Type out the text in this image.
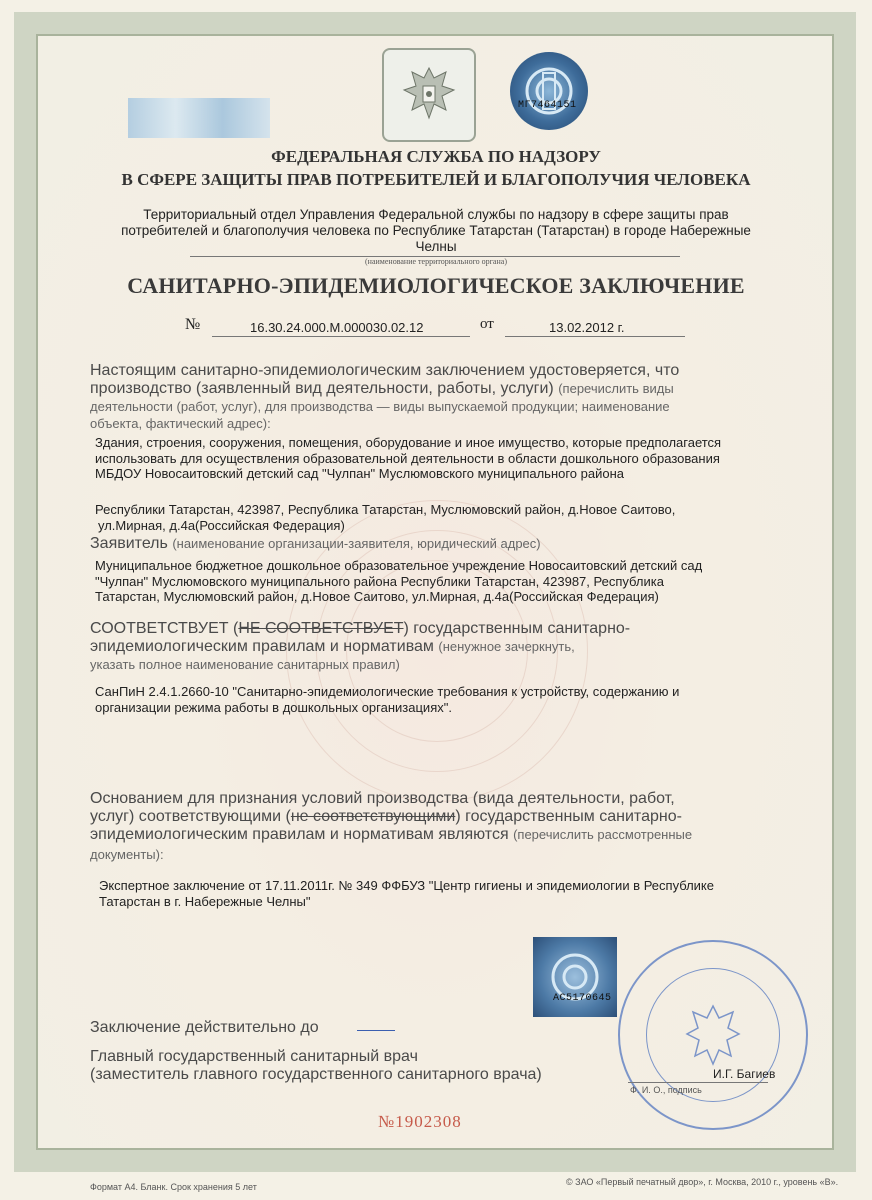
МГ7464151
ФЕДЕРАЛЬНАЯ СЛУЖБА ПО НАДЗОРУ
В СФЕРЕ ЗАЩИТЫ ПРАВ ПОТРЕБИТЕЛЕЙ И БЛАГОПОЛУЧИЯ ЧЕЛОВЕКА
Территориальный отдел Управления Федеральной службы по надзору в сфере защиты прав
потребителей и благополучия человека по Республике Татарстан (Татарстан) в городе Набережные
Челны
(наименование территориального органа)
САНИТАРНО-ЭПИДЕМИОЛОГИЧЕСКОЕ ЗАКЛЮЧЕНИЕ
№	16.30.24.000.М.000030.02.12	от	13.02.2012 г.
Настоящим санитарно-эпидемиологическим заключением удостоверяется, что
производство (заявленный вид деятельности, работы, услуги) (перечислить виды
деятельности (работ, услуг), для производства — виды выпускаемой продукции; наименование
объекта, фактический адрес):
Здания, строения, сооружения, помещения, оборудование и иное имущество, которые предполагается
использовать для осуществления образовательной деятельности в области дошкольного образования
МБДОУ Новосаитовский детский сад "Чулпан" Муслюмовского муниципального района
Республики Татарстан, 423987, Республика Татарстан, Муслюмовский район, д.Новое Саитово,
ул.Мирная, д.4а(Российская Федерация)
Заявитель (наименование организации-заявителя, юридический адрес)
Муниципальное бюджетное дошкольное образовательное учреждение Новосаитовский детский сад
"Чулпан" Муслюмовского муниципального района Республики Татарстан, 423987, Республика
Татарстан, Муслюмовский район, д.Новое Саитово, ул.Мирная, д.4а(Российская Федерация)
СООТВЕТСТВУЕТ (НЕ СООТВЕТСТВУЕТ) государственным санитарно-
эпидемиологическим правилам и нормативам (ненужное зачеркнуть,
указать полное наименование санитарных правил)
СанПиН 2.4.1.2660-10 "Санитарно-эпидемиологические требования к устройству, содержанию и
организации режима работы в дошкольных организациях".
Основанием для признания условий производства (вида деятельности, работ,
услуг) соответствующими (не соответствующими) государственным санитарно-
эпидемиологическим правилам и нормативам являются (перечислить рассмотренные
документы):
Экспертное заключение от 17.11.2011г. № 349 ФФБУЗ "Центр гигиены и эпидемиологии в Республике
Татарстан в г. Набережные Челны"
AC5170645
Заключение действительно до
Главный государственный санитарный врач
(заместитель главного государственного санитарного врача)	И.Г. Багиев
Ф. И. О., подпись
№1902308
Формат А4. Бланк. Срок хранения 5 лет	© ЗАО «Первый печатный двор», г. Москва, 2010 г., уровень «В».
